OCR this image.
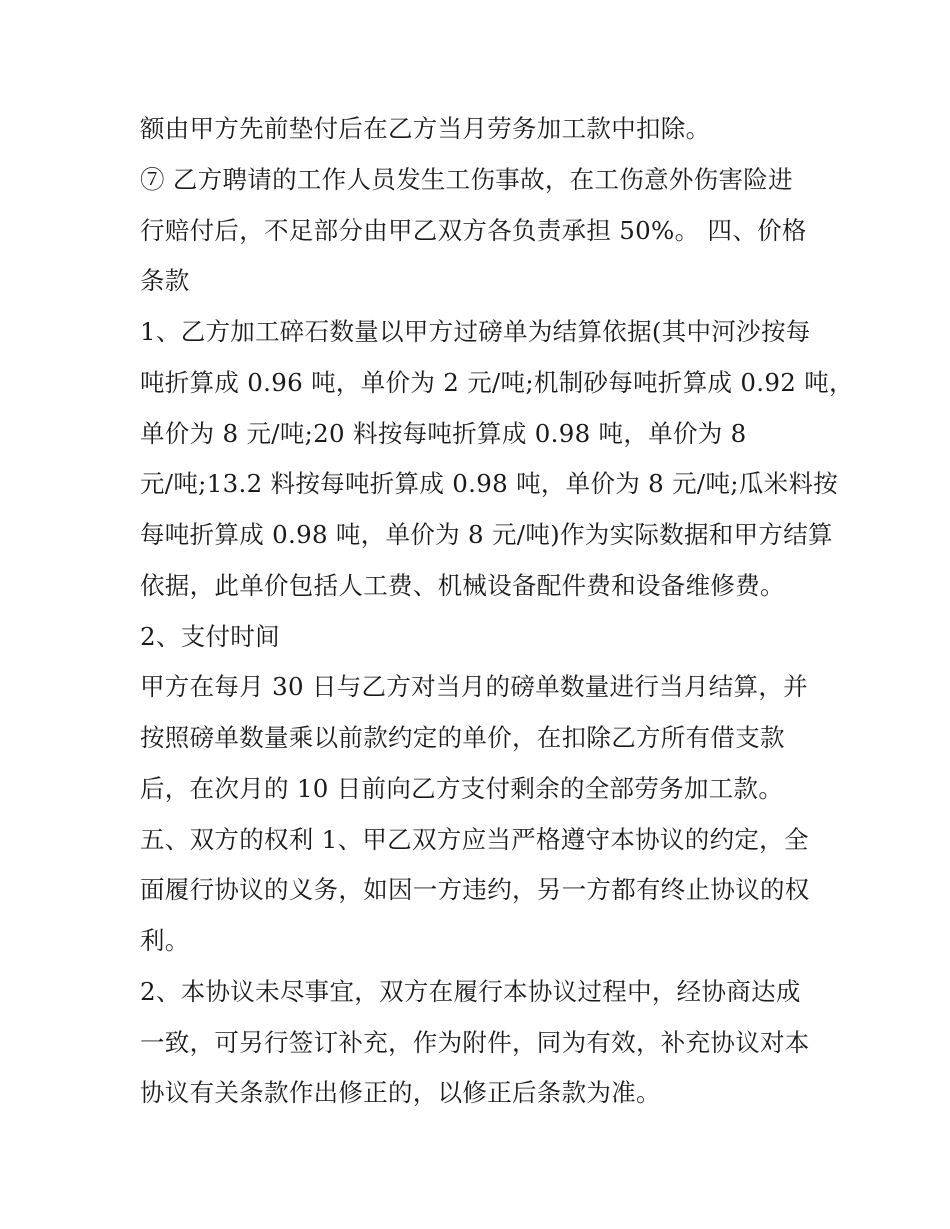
额由甲方先前垫付后在乙方当月劳务加工款中扣除。
⑦ 乙方聘请的工作人员发生工伤事故，在工伤意外伤害险进
行赔付后，不足部分由甲乙双方各负责承担 50%。 四、价格
条款
1、乙方加工碎石数量以甲方过磅单为结算依据(其中河沙按每
吨折算成 0.96 吨，单价为 2 元/吨;机制砂每吨折算成 0.92 吨，
单价为 8 元/吨;20 料按每吨折算成 0.98 吨，单价为 8
元/吨;13.2 料按每吨折算成 0.98 吨，单价为 8 元/吨;瓜米料按
每吨折算成 0.98 吨，单价为 8 元/吨)作为实际数据和甲方结算
依据，此单价包括人工费、机械设备配件费和设备维修费。
2、支付时间
甲方在每月 30 日与乙方对当月的磅单数量进行当月结算，并
按照磅单数量乘以前款约定的单价，在扣除乙方所有借支款
后，在次月的 10 日前向乙方支付剩余的全部劳务加工款。
五、双方的权利 1、甲乙双方应当严格遵守本协议的约定，全
面履行协议的义务，如因一方违约，另一方都有终止协议的权
利。
2、本协议未尽事宜，双方在履行本协议过程中，经协商达成
一致，可另行签订补充，作为附件，同为有效，补充协议对本
协议有关条款作出修正的，以修正后条款为准。
